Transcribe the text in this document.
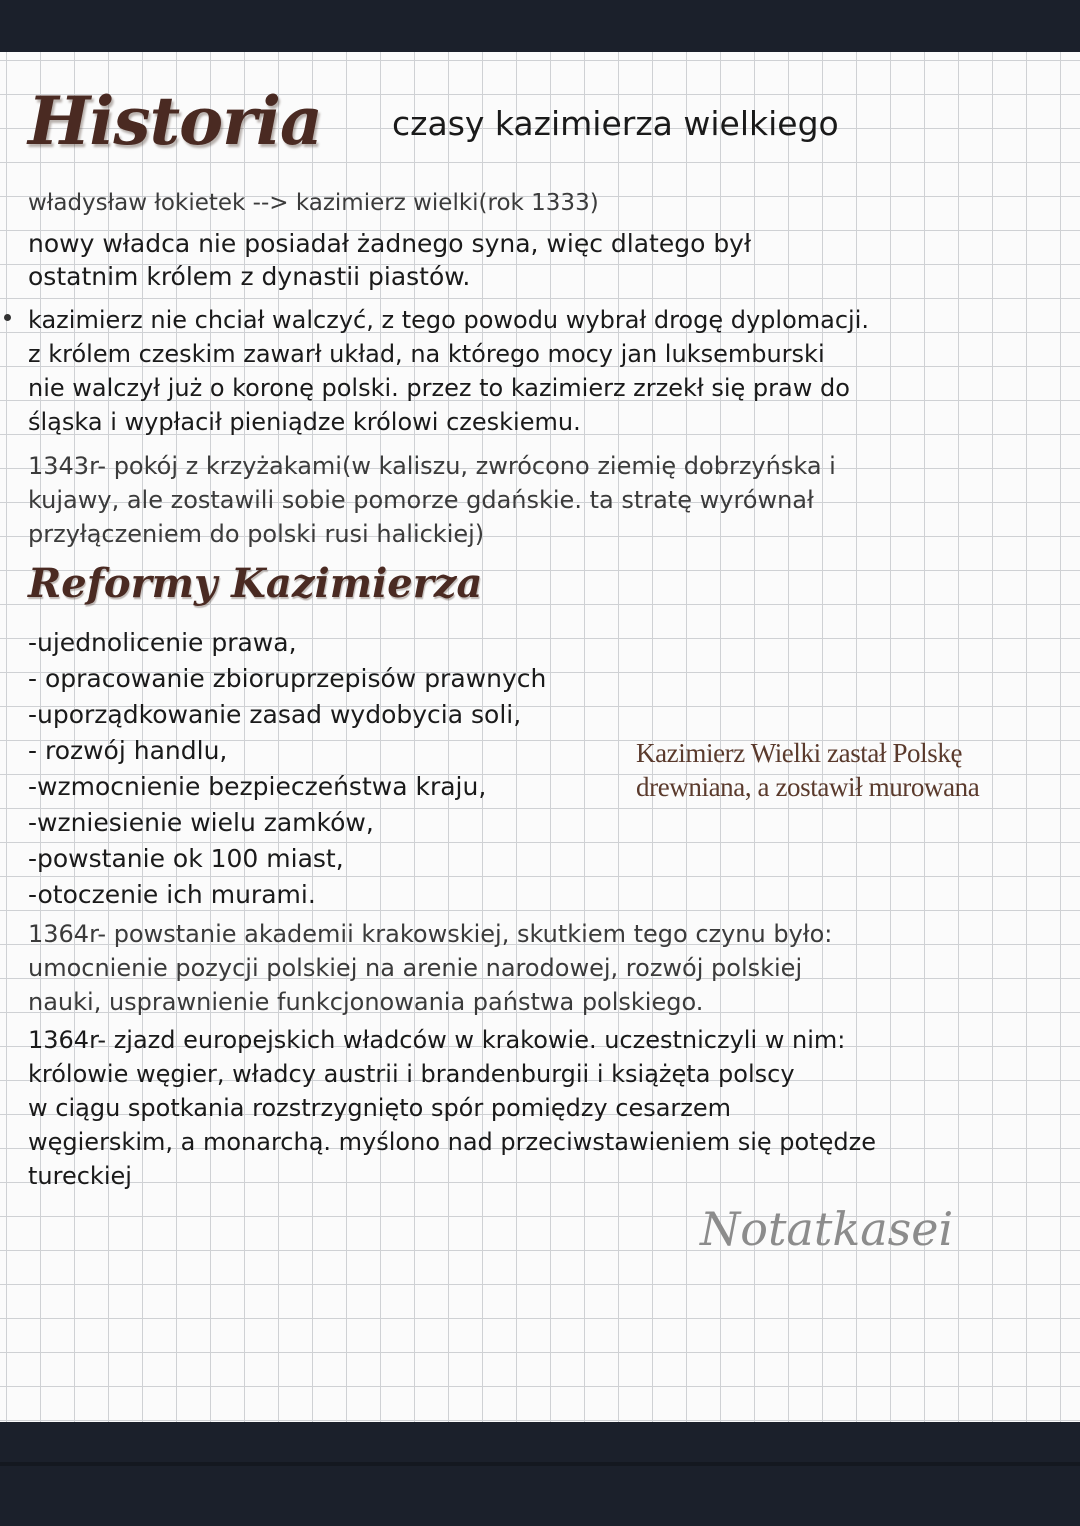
Historia czasy kazimierza wielkiego
władysław łokietek --> kazimierz wielki(rok 1333)
nowy władca nie posiadał żadnego syna, więc dlatego był
ostatnim królem z dynastii piastów.
kazimierz nie chciał walczyć, z tego powodu wybrał drogę dyplomacji.
z królem czeskim zawarł układ, na którego mocy jan luksemburski
nie walczył już o koronę polski. przez to kazimierz zrzekł się praw do
śląska i wypłacił pieniądze królowi czeskiemu.
1343r- pokój z krzyżakami(w kaliszu, zwrócono ziemię dobrzyńska i
kujawy, ale zostawili sobie pomorze gdańskie. ta stratę wyrównał
przyłączeniem do polski rusi halickiej)
Reformy Kazimierza
-ujednolicenie prawa,
- opracowanie zbioruprzepisów prawnych
-uporządkowanie zasad wydobycia soli,
- rozwój handlu,
-wzmocnienie bezpieczeństwa kraju,
-wzniesienie wielu zamków,
-powstanie ok 100 miast,
-otoczenie ich murami.
Kazimierz Wielki zastał Polskę
drewniana, a zostawił murowana
1364r- powstanie akademii krakowskiej, skutkiem tego czynu było:
umocnienie pozycji polskiej na arenie narodowej, rozwój polskiej
nauki, usprawnienie funkcjonowania państwa polskiego.
1364r- zjazd europejskich władców w krakowie. uczestniczyli w nim:
królowie węgier, władcy austrii i brandenburgii i książęta polscy
w ciągu spotkania rozstrzygnięto spór pomiędzy cesarzem
węgierskim, a monarchą. myślono nad przeciwstawieniem się potędze
tureckiej
Notatkasei
